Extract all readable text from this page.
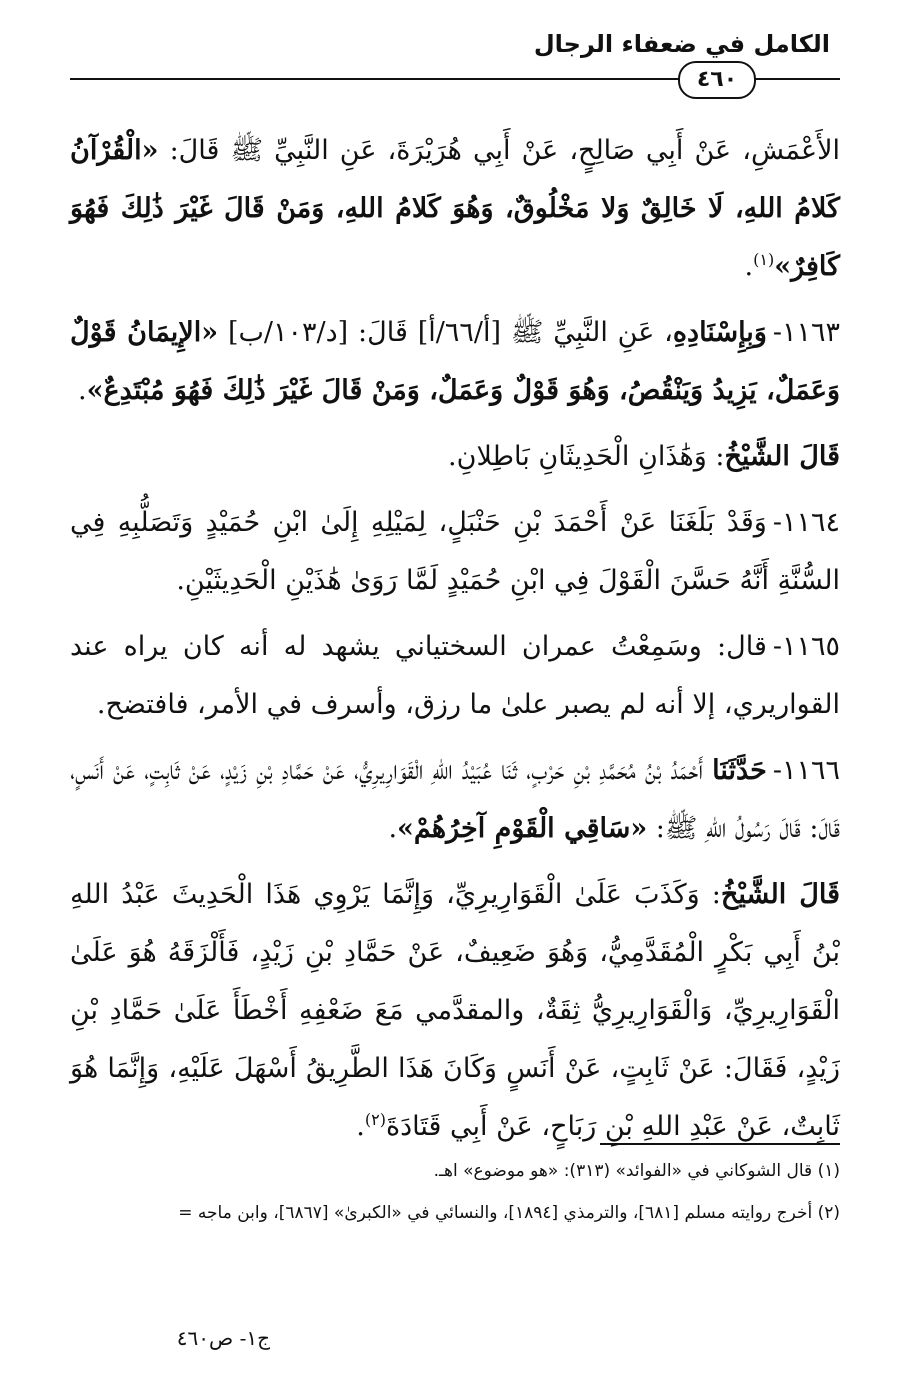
الكامل في ضعفاء الرجال
٤٦٠

الأَعْمَشِ، عَنْ أَبِي صَالِحٍ، عَنْ أَبِي هُرَيْرَةَ، عَنِ النَّبِيِّ ﷺ قَالَ: «الْقُرْآنُ كَلامُ اللهِ، لَا خَالِقٌ وَلا مَخْلُوقٌ، وَهُوَ كَلامُ اللهِ، وَمَنْ قَالَ غَيْرَ ذَٰلِكَ فَهُوَ كَافِرٌ»$^{(١)}$.

١١٦٣-وَبِإِسْنَادِهِ، عَنِ النَّبِيِّ ﷺ [أ/٦٦/أ] قَالَ: [د/١٠٣/ب] «الإِيمَانُ قَوْلٌ وَعَمَلٌ، يَزِيدُ وَيَنْقُصُ، وَهُوَ قَوْلٌ وَعَمَلٌ، وَمَنْ قَالَ غَيْرَ ذَٰلِكَ فَهُوَ مُبْتَدِعٌ».

قَالَ الشَّيْخُ: وَهَٰذَانِ الْحَدِيثَانِ بَاطِلانِ.

١١٦٤-وَقَدْ بَلَغَنَا عَنْ أَحْمَدَ بْنِ حَنْبَلٍ، لِمَيْلِهِ إِلَىٰ ابْنِ حُمَيْدٍ وَتَصَلُّبِهِ فِي السُّنَّةِ أَنَّهُ حَسَّنَ الْقَوْلَ فِي ابْنِ حُمَيْدٍ لَمَّا رَوَىٰ هَٰذَيْنِ الْحَدِيثَيْنِ.

١١٦٥-قال: وسَمِعْتُ عمران السختياني يشهد له أنه كان يراه عند القواريري، إلا أنه لم يصبر علىٰ ما رزق، وأسرف في الأمر، فافتضح.

١١٦٦-حَدَّثَنَا أَحْمَدُ بْنُ مُحَمَّدِ بْنِ حَرْبٍ، ثَنَا عُبَيْدُ اللهِ الْقَوَارِيرِيُّ، عَنْ حَمَّادِ بْنِ زَيْدٍ، عَنْ ثَابِتٍ، عَنْ أَنَسٍ، قَالَ: قَالَ رَسُولُ اللهِ ﷺ: «سَاقِي الْقَوْمِ آخِرُهُمْ».

قَالَ الشَّيْخُ: وَكَذَبَ عَلَىٰ الْقَوَارِيرِيِّ، وَإِنَّمَا يَرْوِي هَذَا الْحَدِيثَ عَبْدُ اللهِ بْنُ أَبِي بَكْرٍ الْمُقَدَّمِيُّ، وَهُوَ ضَعِيفٌ، عَنْ حَمَّادِ بْنِ زَيْدٍ، فَأَلْزَقَهُ هُوَ عَلَىٰ الْقَوَارِيرِيِّ، وَالْقَوَارِيرِيُّ ثِقَةٌ، والمقدَّمي مَعَ ضَعْفِهِ أَخْطَأَ عَلَىٰ حَمَّادِ بْنِ زَيْدٍ، فَقَالَ: عَنْ ثَابِتٍ، عَنْ أَنَسٍ وَكَانَ هَذَا الطَّرِيقُ أَسْهَلَ عَلَيْهِ، وَإِنَّمَا هُوَ ثَابِتٌ، عَنْ عَبْدِ اللهِ بْنِ رَبَاحٍ، عَنْ أَبِي قَتَادَةَ$^{(٢)}$.

(١) قال الشوكاني في «الفوائد» (٣١٣): «هو موضوع» اهـ.

(٢) أخرج روايته مسلم [٦٨١]، والترمذي [١٨٩٤]، والنسائي في «الكبرىٰ» [٦٨٦٧]، وابن ماجه =

ج١- ص٤٦٠
